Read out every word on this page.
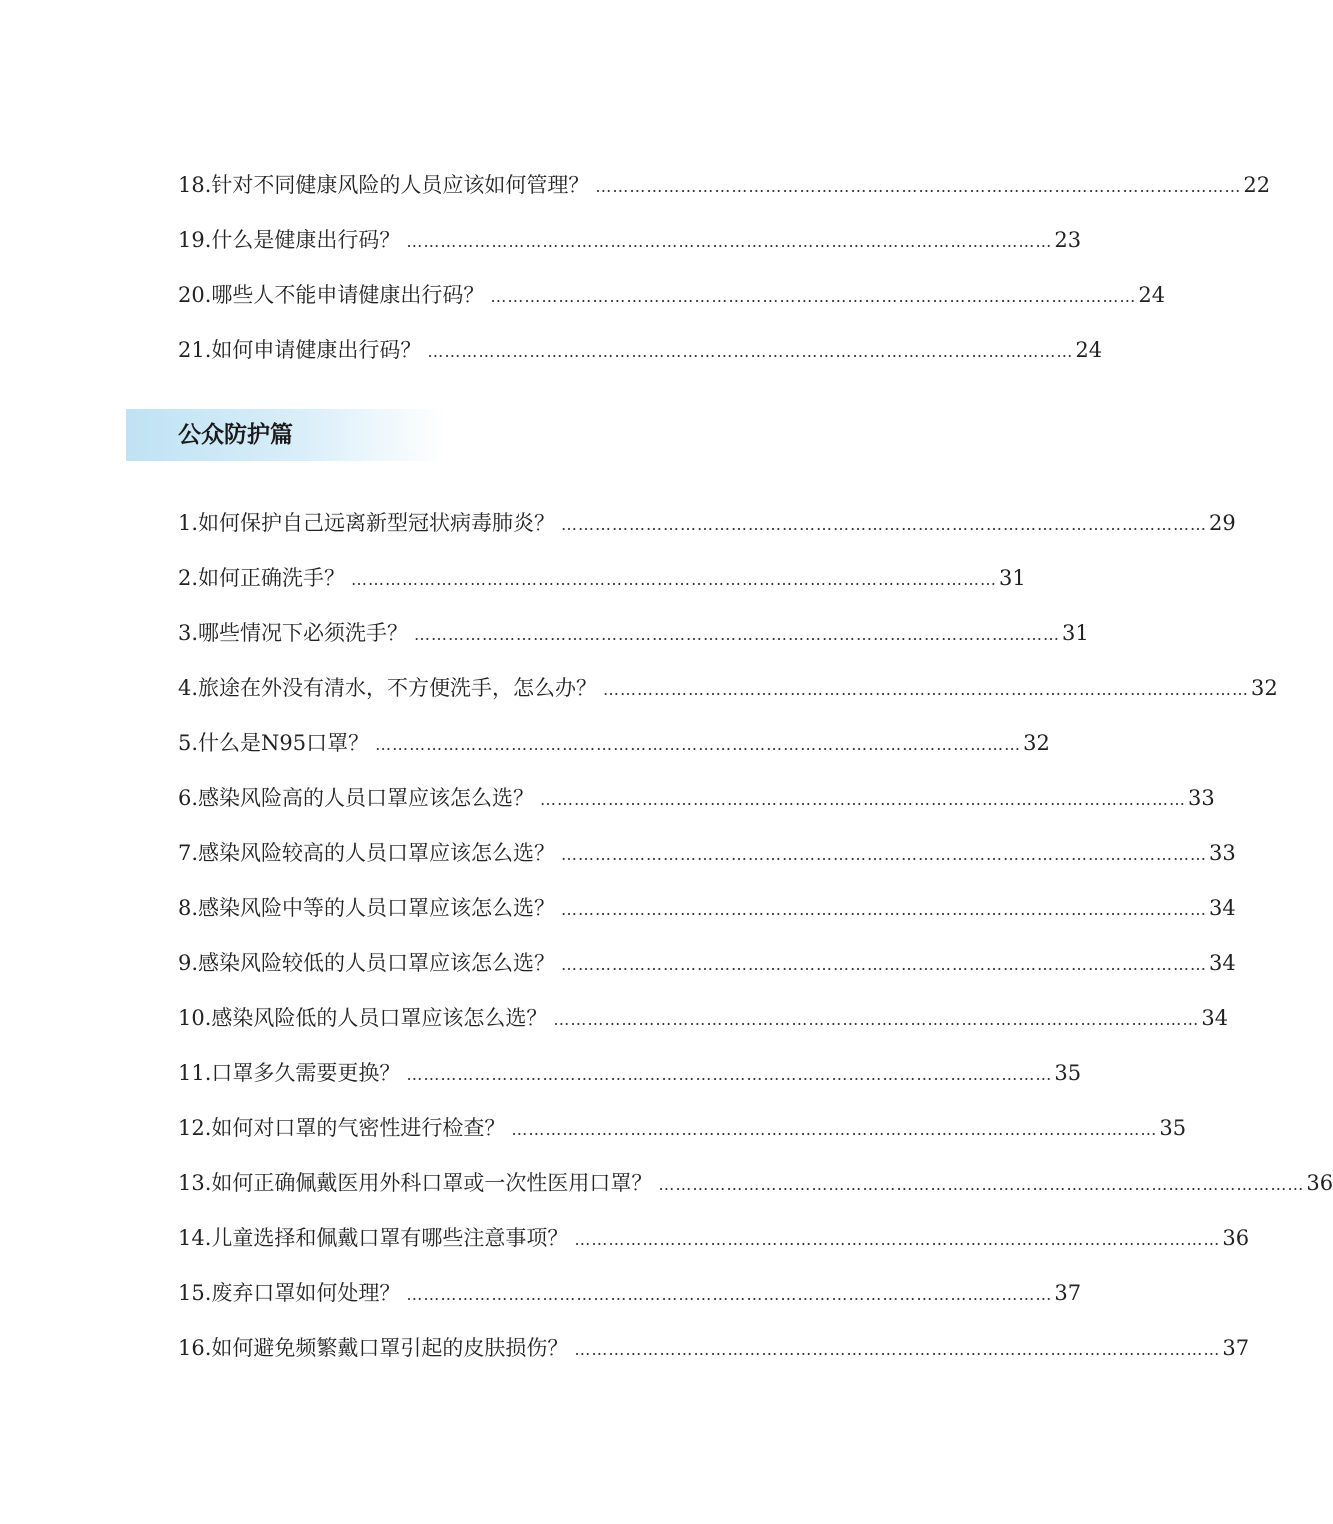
18.针对不同健康风险的人员应该如何管理？ …………………………………………………………………………………………………… 22
19.什么是健康出行码？ …………………………………………………………………………………………………… 23
20.哪些人不能申请健康出行码？ …………………………………………………………………………………………………… 24
21.如何申请健康出行码？ …………………………………………………………………………………………………… 24
公众防护篇
1.如何保护自己远离新型冠状病毒肺炎？ …………………………………………………………………………………………………… 29
2.如何正确洗手？ …………………………………………………………………………………………………… 31
3.哪些情况下必须洗手？ …………………………………………………………………………………………………… 31
4.旅途在外没有清水，不方便洗手，怎么办？ …………………………………………………………………………………………………… 32
5.什么是N95口罩？ …………………………………………………………………………………………………… 32
6.感染风险高的人员口罩应该怎么选？ …………………………………………………………………………………………………… 33
7.感染风险较高的人员口罩应该怎么选？ …………………………………………………………………………………………………… 33
8.感染风险中等的人员口罩应该怎么选？ …………………………………………………………………………………………………… 34
9.感染风险较低的人员口罩应该怎么选？ …………………………………………………………………………………………………… 34
10.感染风险低的人员口罩应该怎么选？ …………………………………………………………………………………………………… 34
11.口罩多久需要更换？ …………………………………………………………………………………………………… 35
12.如何对口罩的气密性进行检查？ …………………………………………………………………………………………………… 35
13.如何正确佩戴医用外科口罩或一次性医用口罩？ …………………………………………………………………………………………………… 36
14.儿童选择和佩戴口罩有哪些注意事项？ …………………………………………………………………………………………………… 36
15.废弃口罩如何处理？ …………………………………………………………………………………………………… 37
16.如何避免频繁戴口罩引起的皮肤损伤？ …………………………………………………………………………………………………… 37
